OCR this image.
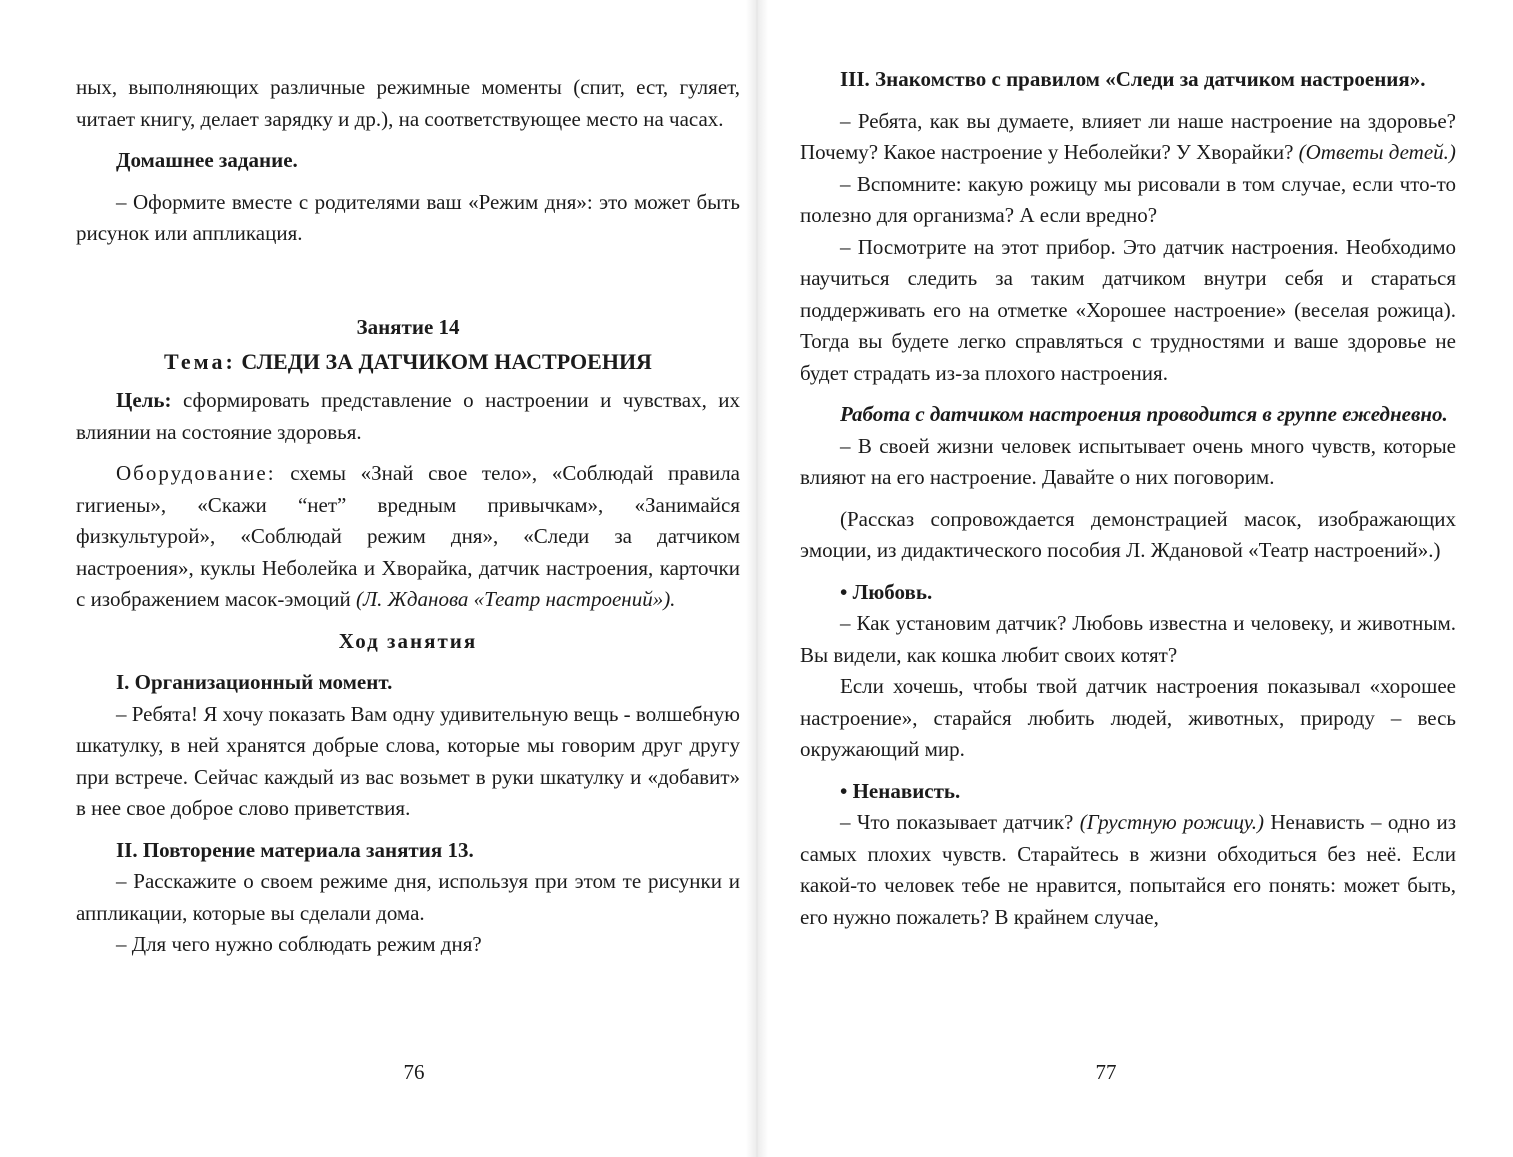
ных, выполняющих различные режимные моменты (спит, ест, гуляет, читает книгу, делает зарядку и др.), на соответствующее место на часах.

Домашнее задание.

– Оформите вместе с родителями ваш «Режим дня»: это может быть рисунок или аппликация.

Занятие 14

Тема: СЛЕДИ ЗА ДАТЧИКОМ НАСТРОЕНИЯ

Цель: сформировать представление о настроении и чувствах, их влиянии на состояние здоровья.

Оборудование: схемы «Знай свое тело», «Соблюдай правила гигиены», «Скажи “нет” вредным привычкам», «Занимайся физкультурой», «Соблюдай режим дня», «Следи за датчиком настроения», куклы Неболейка и Хворайка, датчик настроения, карточки с изображением масок-эмоций (Л. Жданова «Театр настроений»).

Ход занятия

I. Организационный момент.

– Ребята! Я хочу показать Вам одну удивительную вещь - волшебную шкатулку, в ней хранятся добрые слова, которые мы говорим друг другу при встрече. Сейчас каждый из вас возьмет в руки шкатулку и «добавит» в нее свое доброе слово приветствия.

II. Повторение материала занятия 13.

– Расскажите о своем режиме дня, используя при этом те рисунки и аппликации, которые вы сделали дома.

– Для чего нужно соблюдать режим дня?

76

III. Знакомство с правилом «Следи за датчиком настроения».

– Ребята, как вы думаете, влияет ли наше настроение на здоровье? Почему? Какое настроение у Неболейки? У Хворайки? (Ответы детей.)

– Вспомните: какую рожицу мы рисовали в том случае, если что-то полезно для организма? А если вредно?

– Посмотрите на этот прибор. Это датчик настроения. Необходимо научиться следить за таким датчиком внутри себя и стараться поддерживать его на отметке «Хорошее настроение» (веселая рожица). Тогда вы будете легко справляться с трудностями и ваше здоровье не будет страдать из-за плохого настроения.

Работа с датчиком настроения проводится в группе ежедневно.

– В своей жизни человек испытывает очень много чувств, которые влияют на его настроение. Давайте о них поговорим.

(Рассказ сопровождается демонстрацией масок, изображающих эмоции, из дидактического пособия Л. Ждановой «Театр настроений».)

• Любовь.

– Как установим датчик? Любовь известна и человеку, и животным. Вы видели, как кошка любит своих котят?

Если хочешь, чтобы твой датчик настроения показывал «хорошее настроение», старайся любить людей, животных, природу – весь окружающий мир.

• Ненависть.

– Что показывает датчик? (Грустную рожицу.) Ненависть – одно из самых плохих чувств. Старайтесь в жизни обходиться без неё. Если какой-то человек тебе не нравится, попытайся его понять: может быть, его нужно пожалеть? В крайнем случае,

77
